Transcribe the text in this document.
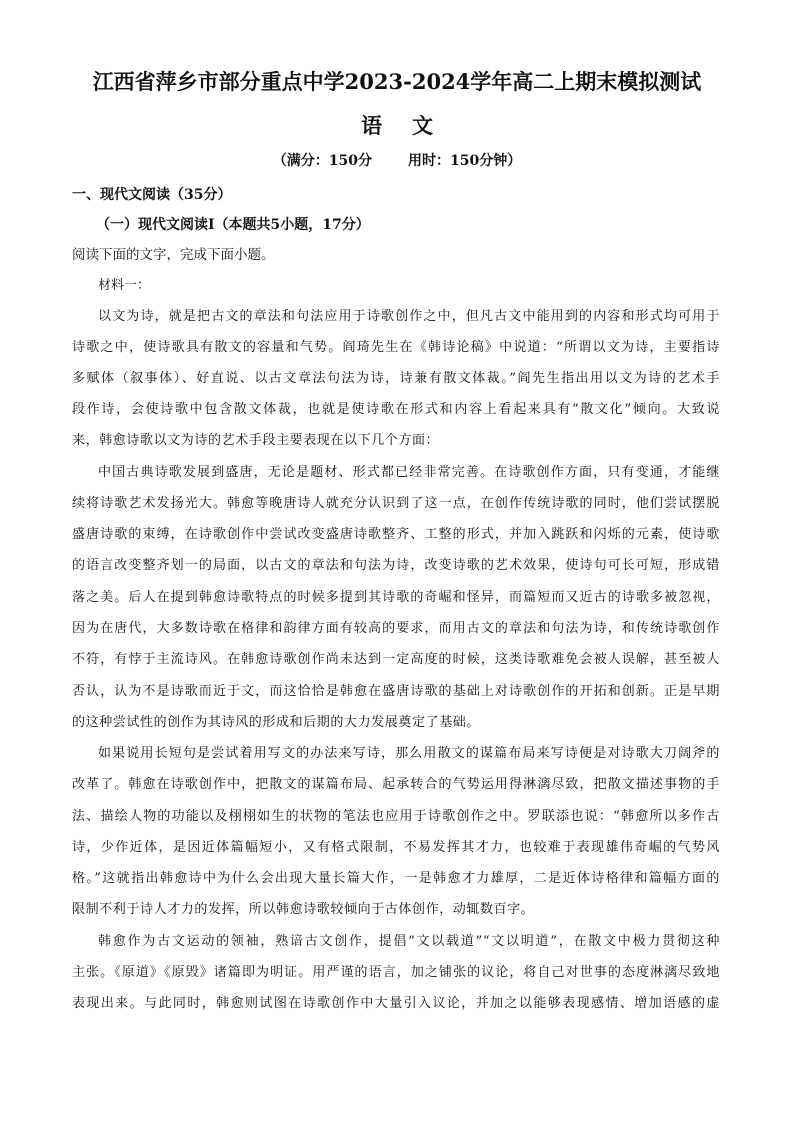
江西省萍乡市部分重点中学2023-2024学年高二上期末模拟测试
语文
（满分：150分	用时：150分钟）
一、现代文阅读（35分）
（一）现代文阅读Ⅰ（本题共5小题，17分）
阅读下面的文字，完成下面小题。
材料一：
以文为诗，就是把古文的章法和句法应用于诗歌创作之中，但凡古文中能用到的内容和形式均可用于
诗歌之中，使诗歌具有散文的容量和气势。阎琦先生在《韩诗论稿》中说道：“所谓以文为诗，主要指诗
多赋体（叙事体）、好直说、以古文章法句法为诗，诗兼有散文体裁。”阎先生指出用以文为诗的艺术手
段作诗，会使诗歌中包含散文体裁，也就是使诗歌在形式和内容上看起来具有“散文化”倾向。大致说
来，韩愈诗歌以文为诗的艺术手段主要表现在以下几个方面：
中国古典诗歌发展到盛唐，无论是题材、形式都已经非常完善。在诗歌创作方面，只有变通，才能继
续将诗歌艺术发扬光大。韩愈等晚唐诗人就充分认识到了这一点，在创作传统诗歌的同时，他们尝试摆脱
盛唐诗歌的束缚，在诗歌创作中尝试改变盛唐诗歌整齐、工整的形式，并加入跳跃和闪烁的元素，使诗歌
的语言改变整齐划一的局面，以古文的章法和句法为诗，改变诗歌的艺术效果，使诗句可长可短，形成错
落之美。后人在提到韩愈诗歌特点的时候多提到其诗歌的奇崛和怪异，而篇短而又近古的诗歌多被忽视，
因为在唐代，大多数诗歌在格律和韵律方面有较高的要求，而用古文的章法和句法为诗，和传统诗歌创作
不符，有悖于主流诗风。在韩愈诗歌创作尚未达到一定高度的时候，这类诗歌难免会被人误解，甚至被人
否认，认为不是诗歌而近于文，而这恰恰是韩愈在盛唐诗歌的基础上对诗歌创作的开拓和创新。正是早期
的这种尝试性的创作为其诗风的形成和后期的大力发展奠定了基础。
如果说用长短句是尝试着用写文的办法来写诗，那么用散文的谋篇布局来写诗便是对诗歌大刀阔斧的
改革了。韩愈在诗歌创作中，把散文的谋篇布局、起承转合的气势运用得淋漓尽致，把散文描述事物的手
法、描绘人物的功能以及栩栩如生的状物的笔法也应用于诗歌创作之中。罗联添也说：“韩愈所以多作古
诗，少作近体，是因近体篇幅短小，又有格式限制，不易发挥其才力，也较难于表现雄伟奇崛的气势风
格。”这就指出韩愈诗中为什么会出现大量长篇大作，一是韩愈才力雄厚，二是近体诗格律和篇幅方面的
限制不利于诗人才力的发挥，所以韩愈诗歌较倾向于古体创作，动辄数百字。
韩愈作为古文运动的领袖，熟谙古文创作，提倡“文以载道”“文以明道”，在散文中极力贯彻这种
主张。《原道》《原毁》诸篇即为明证。用严谨的语言，加之铺张的议论，将自己对世事的态度淋漓尽致地
表现出来。与此同时，韩愈则试图在诗歌创作中大量引入议论，并加之以能够表现感情、增加语感的虚
